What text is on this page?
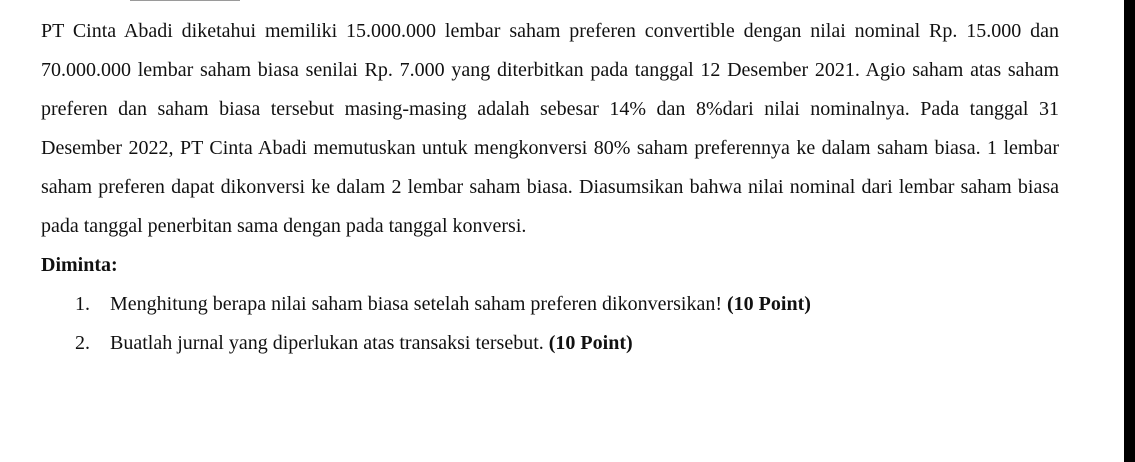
PT Cinta Abadi diketahui memiliki 15.000.000 lembar saham preferen convertible dengan nilai nominal Rp. 15.000 dan 70.000.000 lembar saham biasa senilai Rp. 7.000 yang diterbitkan pada tanggal 12 Desember 2021. Agio saham atas saham preferen dan saham biasa tersebut masing-masing adalah sebesar 14% dan 8%dari nilai nominalnya. Pada tanggal 31 Desember 2022, PT Cinta Abadi memutuskan untuk mengkonversi 80% saham preferennya ke dalam saham biasa. 1 lembar saham preferen dapat dikonversi ke dalam 2 lembar saham biasa. Diasumsikan bahwa nilai nominal dari lembar saham biasa pada tanggal penerbitan sama dengan pada tanggal konversi.

Diminta:

1. Menghitung berapa nilai saham biasa setelah saham preferen dikonversikan! (10 Point)
2. Buatlah jurnal yang diperlukan atas transaksi tersebut. (10 Point)
